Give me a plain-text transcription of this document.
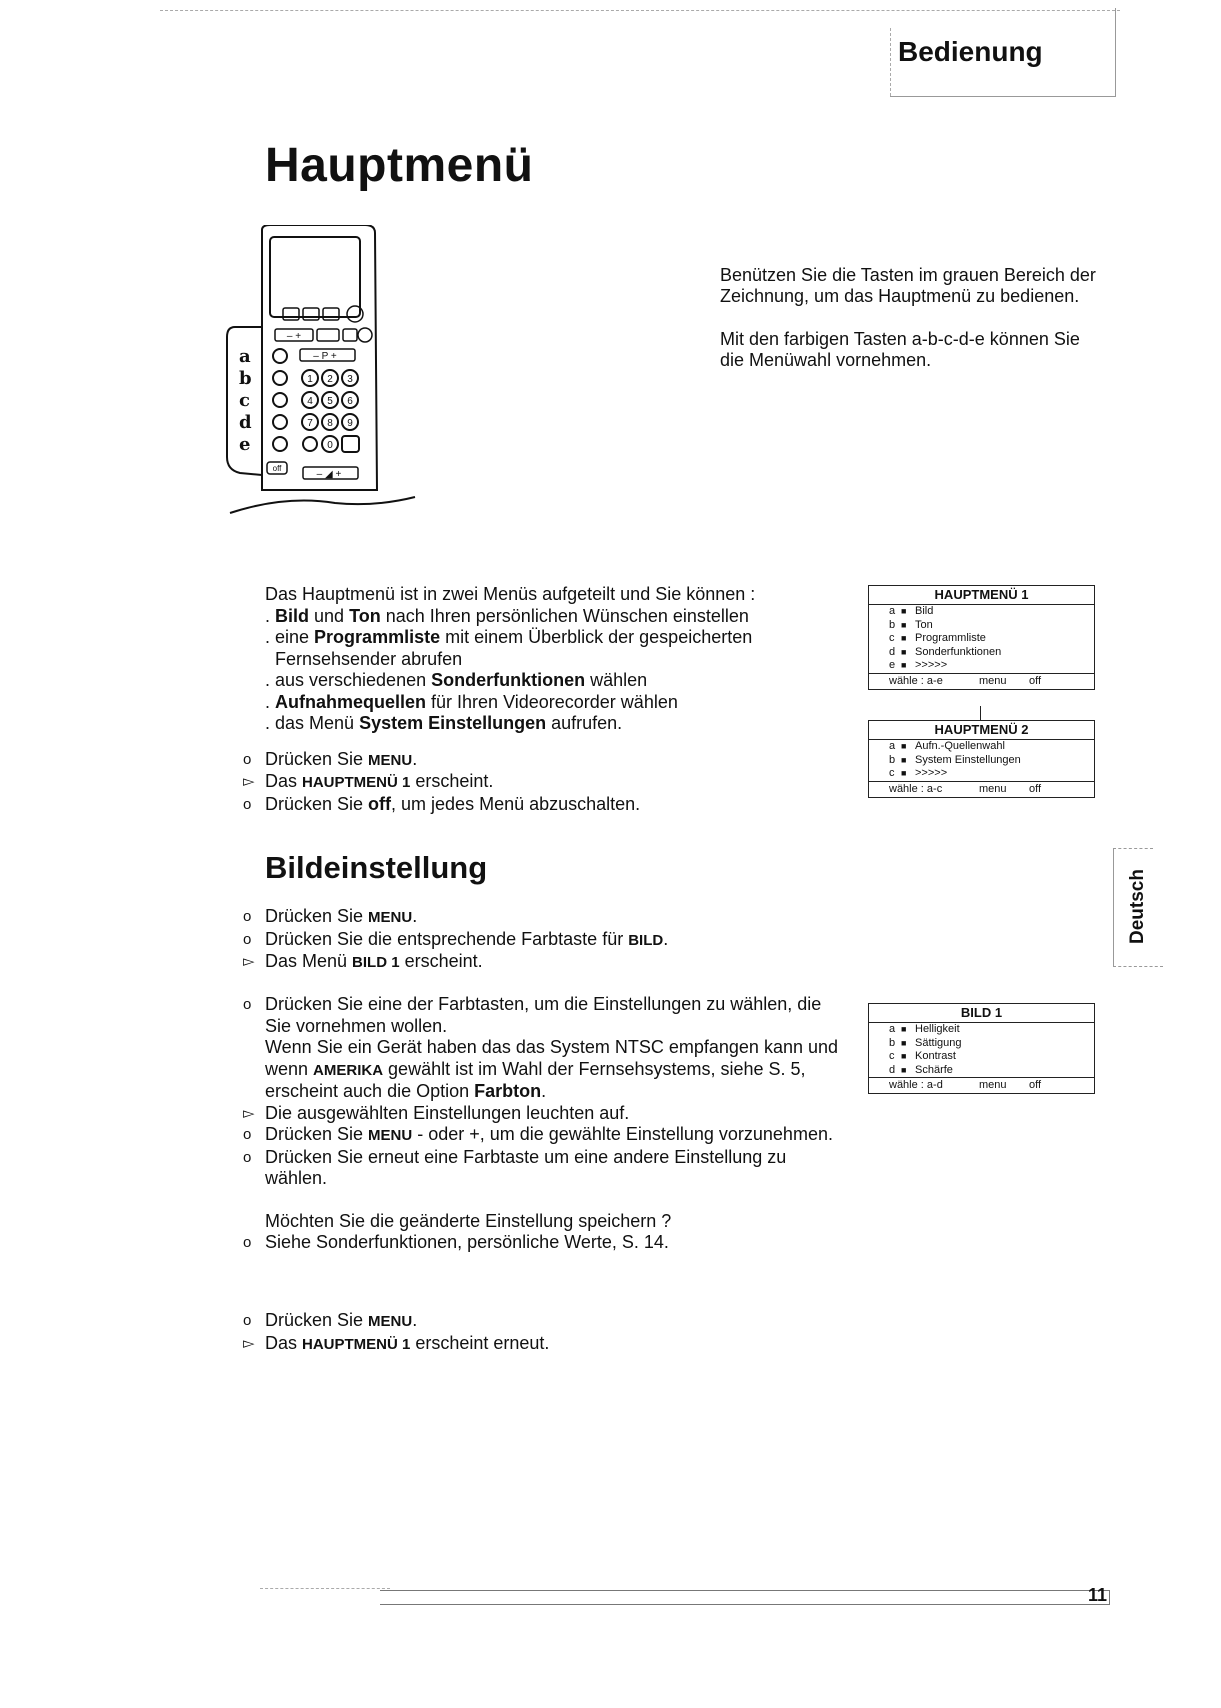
Bedienung
Hauptmenü
a
b
c
d
e
1 2 3
4 5 6
7 8 9
0
– P +
– +
off
– ◢ +

Benützen Sie die Tasten im grauen Bereich der Zeichnung, um das Hauptmenü zu bedienen.

Mit den farbigen Tasten a-b-c-d-e können Sie die Menüwahl vornehmen.

Das Hauptmenü ist in zwei Menüs aufgeteilt und Sie können :
. Bild und Ton nach Ihren persönlichen Wünschen einstellen
. eine Programmliste mit einem Überblick der gespeicherten
Fernsehsender abrufen
. aus verschiedenen Sonderfunktionen wählen
. Aufnahmequellen für Ihren Videorecorder wählen
. das Menü System Einstellungen aufrufen.
o Drücken Sie MENU.
▻ Das HAUPTMENÜ 1 erscheint.
o Drücken Sie off, um jedes Menü abzuschalten.
HAUPTMENÜ 1
a ■ Bild
b ■ Ton
c ■ Programmliste
d ■ Sonderfunktionen
e ■ >>>>>
wähle : a-e	menu off
HAUPTMENÜ 2
a ■ Aufn.-Quellenwahl
b ■ System Einstellungen
c ■ >>>>>
wähle : a-c	menu off
Bildeinstellung
o Drücken Sie MENU.
o Drücken Sie die entsprechende Farbtaste für BILD.
▻ Das Menü BILD 1 erscheint.
o Drücken Sie eine der Farbtasten, um die Einstellungen zu wählen, die
Sie vornehmen wollen.
Wenn Sie ein Gerät haben das das System NTSC empfangen kann und
wenn AMERIKA gewählt ist im Wahl der Fernsehsystems, siehe S. 5,
erscheint auch die Option Farbton.
▻ Die ausgewählten Einstellungen leuchten auf.
o Drücken Sie MENU - oder +, um die gewählte Einstellung vorzunehmen.
o Drücken Sie erneut eine Farbtaste um eine andere Einstellung zu
wählen.
Möchten Sie die geänderte Einstellung speichern ?
o Siehe Sonderfunktionen, persönliche Werte, S. 14.
BILD 1
a ■ Helligkeit
b ■ Sättigung
c ■ Kontrast
d ■ Schärfe
wähle : a-d	menu off
o Drücken Sie MENU.
▻ Das HAUPTMENÜ 1 erscheint erneut.
Deutsch
11
